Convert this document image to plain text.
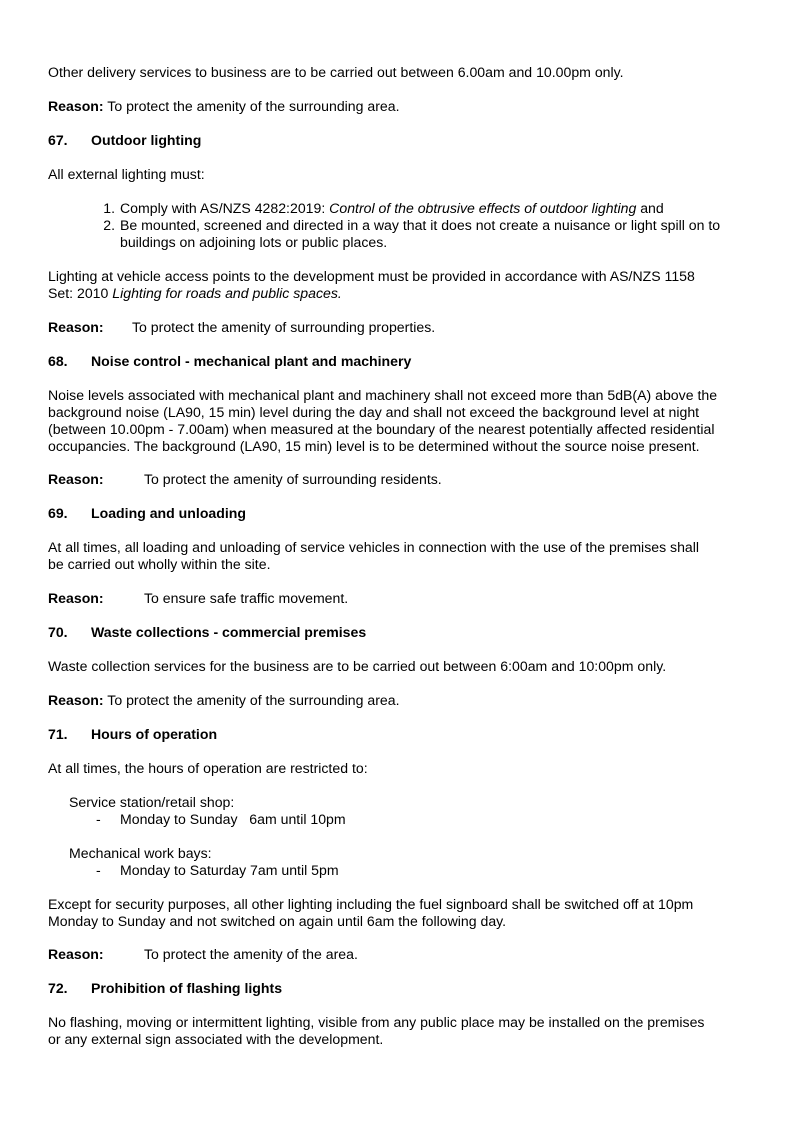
Other delivery services to business are to be carried out between 6.00am and 10.00pm only.
Reason: To protect the amenity of the surrounding area.
67. Outdoor lighting
All external lighting must:
1. Comply with AS/NZS 4282:2019: Control of the obtrusive effects of outdoor lighting and
2. Be mounted, screened and directed in a way that it does not create a nuisance or light spill on to
buildings on adjoining lots or public places.
Lighting at vehicle access points to the development must be provided in accordance with AS/NZS 1158
Set: 2010 Lighting for roads and public spaces.
Reason: To protect the amenity of surrounding properties.
68. Noise control - mechanical plant and machinery
Noise levels associated with mechanical plant and machinery shall not exceed more than 5dB(A) above the
background noise (LA90, 15 min) level during the day and shall not exceed the background level at night
(between 10.00pm - 7.00am) when measured at the boundary of the nearest potentially affected residential
occupancies. The background (LA90, 15 min) level is to be determined without the source noise present.
Reason:	To protect the amenity of surrounding residents.
69. Loading and unloading
At all times, all loading and unloading of service vehicles in connection with the use of the premises shall
be carried out wholly within the site.
Reason:	To ensure safe traffic movement.
70. Waste collections - commercial premises
Waste collection services for the business are to be carried out between 6:00am and 10:00pm only.
Reason: To protect the amenity of the surrounding area.
71. Hours of operation
At all times, the hours of operation are restricted to:
Service station/retail shop:
-	Monday to Sunday   6am until 10pm
Mechanical work bays:
-	Monday to Saturday 7am until 5pm
Except for security purposes, all other lighting including the fuel signboard shall be switched off at 10pm
Monday to Sunday and not switched on again until 6am the following day.
Reason:	To protect the amenity of the area.
72. Prohibition of flashing lights
No flashing, moving or intermittent lighting, visible from any public place may be installed on the premises
or any external sign associated with the development.
